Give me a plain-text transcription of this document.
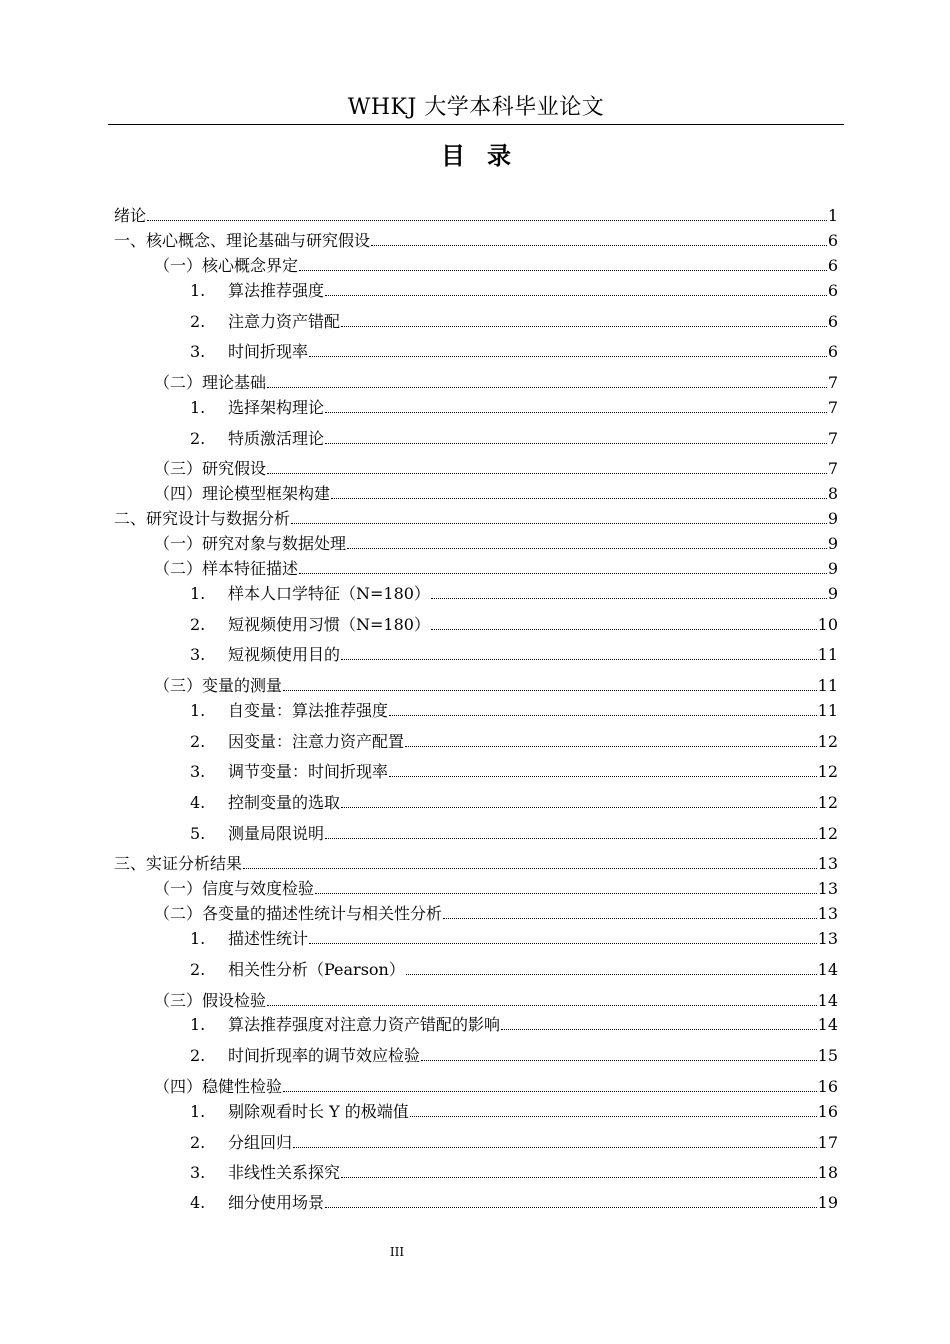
WHKJ 大学本科毕业论文
目录
绪论	1
一、核心概念、理论基础与研究假设	6
（一）核心概念界定	6
1.	算法推荐强度	6
2.	注意力资产错配	6
3.	时间折现率	6
（二）理论基础	7
1.	选择架构理论	7
2.	特质激活理论	7
（三）研究假设	7
（四）理论模型框架构建	8
二、研究设计与数据分析	9
（一）研究对象与数据处理	9
（二）样本特征描述	9
1.	样本人口学特征（N=180）	9
2.	短视频使用习惯（N=180）	10
3.	短视频使用目的	11
（三）变量的测量	11
1.	自变量：算法推荐强度	11
2.	因变量：注意力资产配置	12
3.	调节变量：时间折现率	12
4.	控制变量的选取	12
5.	测量局限说明	12
三、实证分析结果	13
（一）信度与效度检验	13
（二）各变量的描述性统计与相关性分析	13
1.	描述性统计	13
2.	相关性分析（Pearson）	14
（三）假设检验	14
1.	算法推荐强度对注意力资产错配的影响	14
2.	时间折现率的调节效应检验	15
（四）稳健性检验	16
1.	剔除观看时长 Y 的极端值	16
2.	分组回归	17
3.	非线性关系探究	18
4.	细分使用场景	19
III
